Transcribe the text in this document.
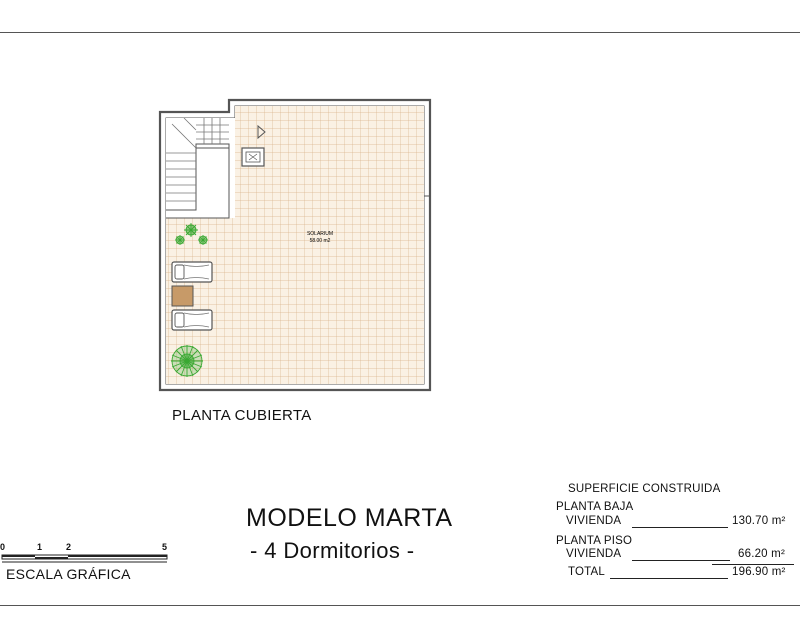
SOLARIUM
58.00 m2
PLANTA CUBIERTA
MODELO MARTA
- 4 Dormitorios -
0	1	2	5
ESCALA GRÁFICA
SUPERFICIE CONSTRUIDA
PLANTA BAJA
VIVIENDA	130.70 m²
PLANTA PISO
VIVIENDA	66.20 m²
TOTAL	196.90 m²
